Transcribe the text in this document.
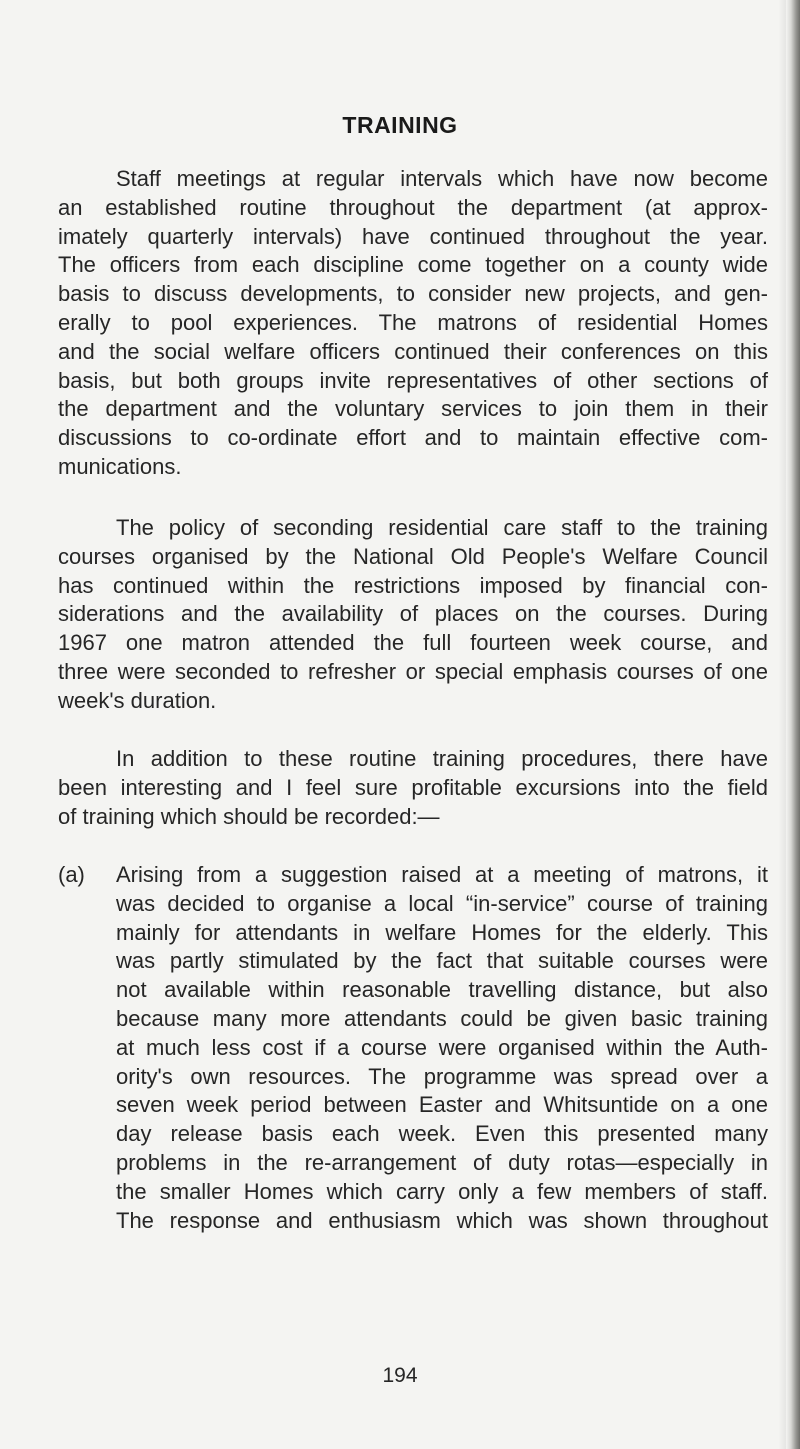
TRAINING
Staff meetings at regular intervals which have now become
an established routine throughout the department (at approx-
imately quarterly intervals) have continued throughout the year.
The officers from each discipline come together on a county wide
basis to discuss developments, to consider new projects, and gen-
erally to pool experiences. The matrons of residential Homes
and the social welfare officers continued their conferences on this
basis, but both groups invite representatives of other sections of
the department and the voluntary services to join them in their
discussions to co-ordinate effort and to maintain effective com-
munications.
The policy of seconding residential care staff to the training
courses organised by the National Old People's Welfare Council
has continued within the restrictions imposed by financial con-
siderations and the availability of places on the courses. During
1967 one matron attended the full fourteen week course, and
three were seconded to refresher or special emphasis courses of one
week's duration.
In addition to these routine training procedures, there have
been interesting and I feel sure profitable excursions into the field
of training which should be recorded:—
(a) Arising from a suggestion raised at a meeting of matrons, it
was decided to organise a local “in-service” course of training
mainly for attendants in welfare Homes for the elderly. This
was partly stimulated by the fact that suitable courses were
not available within reasonable travelling distance, but also
because many more attendants could be given basic training
at much less cost if a course were organised within the Auth-
ority's own resources. The programme was spread over a
seven week period between Easter and Whitsuntide on a one
day release basis each week. Even this presented many
problems in the re-arrangement of duty rotas—especially in
the smaller Homes which carry only a few members of staff.
The response and enthusiasm which was shown throughout
194
